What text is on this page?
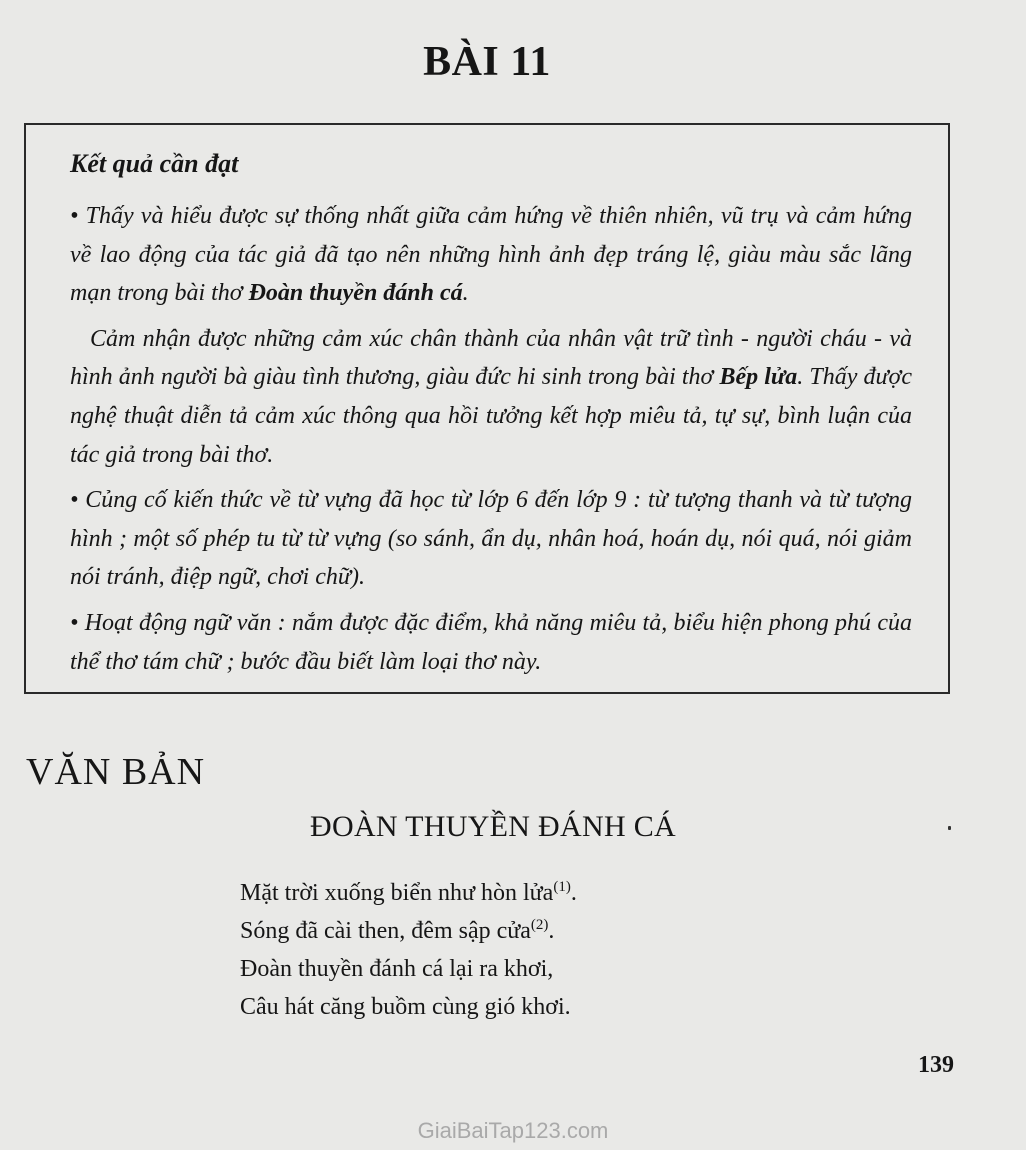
BÀI 11
Kết quả cần đạt

• Thấy và hiểu được sự thống nhất giữa cảm hứng về thiên nhiên, vũ trụ và cảm hứng về lao động của tác giả đã tạo nên những hình ảnh đẹp tráng lệ, giàu màu sắc lãng mạn trong bài thơ Đoàn thuyền đánh cá.

Cảm nhận được những cảm xúc chân thành của nhân vật trữ tình - người cháu - và hình ảnh người bà giàu tình thương, giàu đức hi sinh trong bài thơ Bếp lửa. Thấy được nghệ thuật diễn tả cảm xúc thông qua hồi tưởng kết hợp miêu tả, tự sự, bình luận của tác giả trong bài thơ.

• Củng cố kiến thức về từ vựng đã học từ lớp 6 đến lớp 9 : từ tượng thanh và từ tượng hình ; một số phép tu từ từ vựng (so sánh, ẩn dụ, nhân hoá, hoán dụ, nói quá, nói giảm nói tránh, điệp ngữ, chơi chữ).

• Hoạt động ngữ văn : nắm được đặc điểm, khả năng miêu tả, biểu hiện phong phú của thể thơ tám chữ ; bước đầu biết làm loại thơ này.

VĂN BẢN
ĐOÀN THUYỀN ĐÁNH CÁ
Mặt trời xuống biển như hòn lửa$^{(1)}$.
Sóng đã cài then, đêm sập cửa$^{(2)}$.
Đoàn thuyền đánh cá lại ra khơi,
Câu hát căng buồm cùng gió khơi.
139
GiaiBaiTap123.com
